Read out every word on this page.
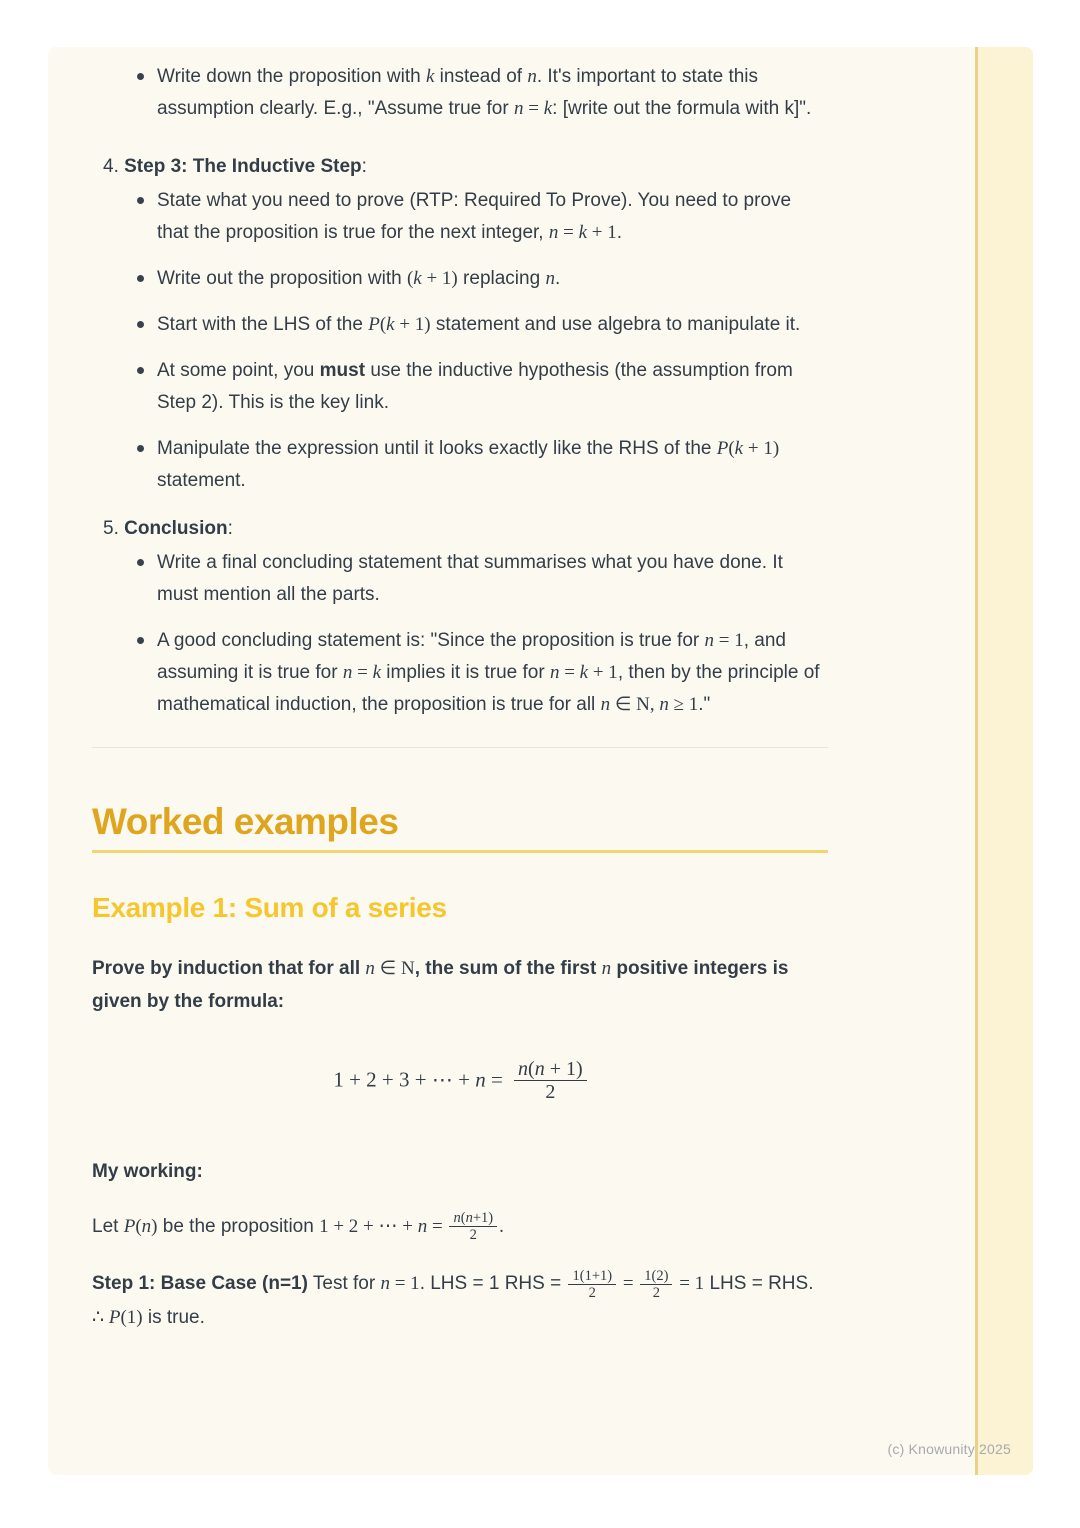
Write down the proposition with k instead of n. It's important to state this assumption clearly. E.g., "Assume true for n = k: [write out the formula with k]".
4. Step 3: The Inductive Step:
State what you need to prove (RTP: Required To Prove). You need to prove that the proposition is true for the next integer, n = k + 1.
Write out the proposition with (k + 1) replacing n.
Start with the LHS of the P(k + 1) statement and use algebra to manipulate it.
At some point, you must use the inductive hypothesis (the assumption from Step 2). This is the key link.
Manipulate the expression until it looks exactly like the RHS of the P(k + 1) statement.
5. Conclusion:
Write a final concluding statement that summarises what you have done. It must mention all the parts.
A good concluding statement is: "Since the proposition is true for n = 1, and assuming it is true for n = k implies it is true for n = k + 1, then by the principle of mathematical induction, the proposition is true for all n ∈ N, n ≥ 1."
Worked examples
Example 1: Sum of a series
Prove by induction that for all n ∈ N, the sum of the first n positive integers is given by the formula:
1 + 2 + 3 + ⋯ + $n = \frac{n(n + 1)}{2}$
My working:
Let P(n) be the proposition 1 + 2 + ⋯ + $n = \frac{n(n+1)}{2}$ .
Step 1: Base Case (n=1) Test for n = 1. LHS = 1 RHS = $\frac{1(1+1)}{2} = \frac{1(2)}{2} = 1$ LHS = RHS. ∴ P(1) is true.
(c) Knowunity 2025
